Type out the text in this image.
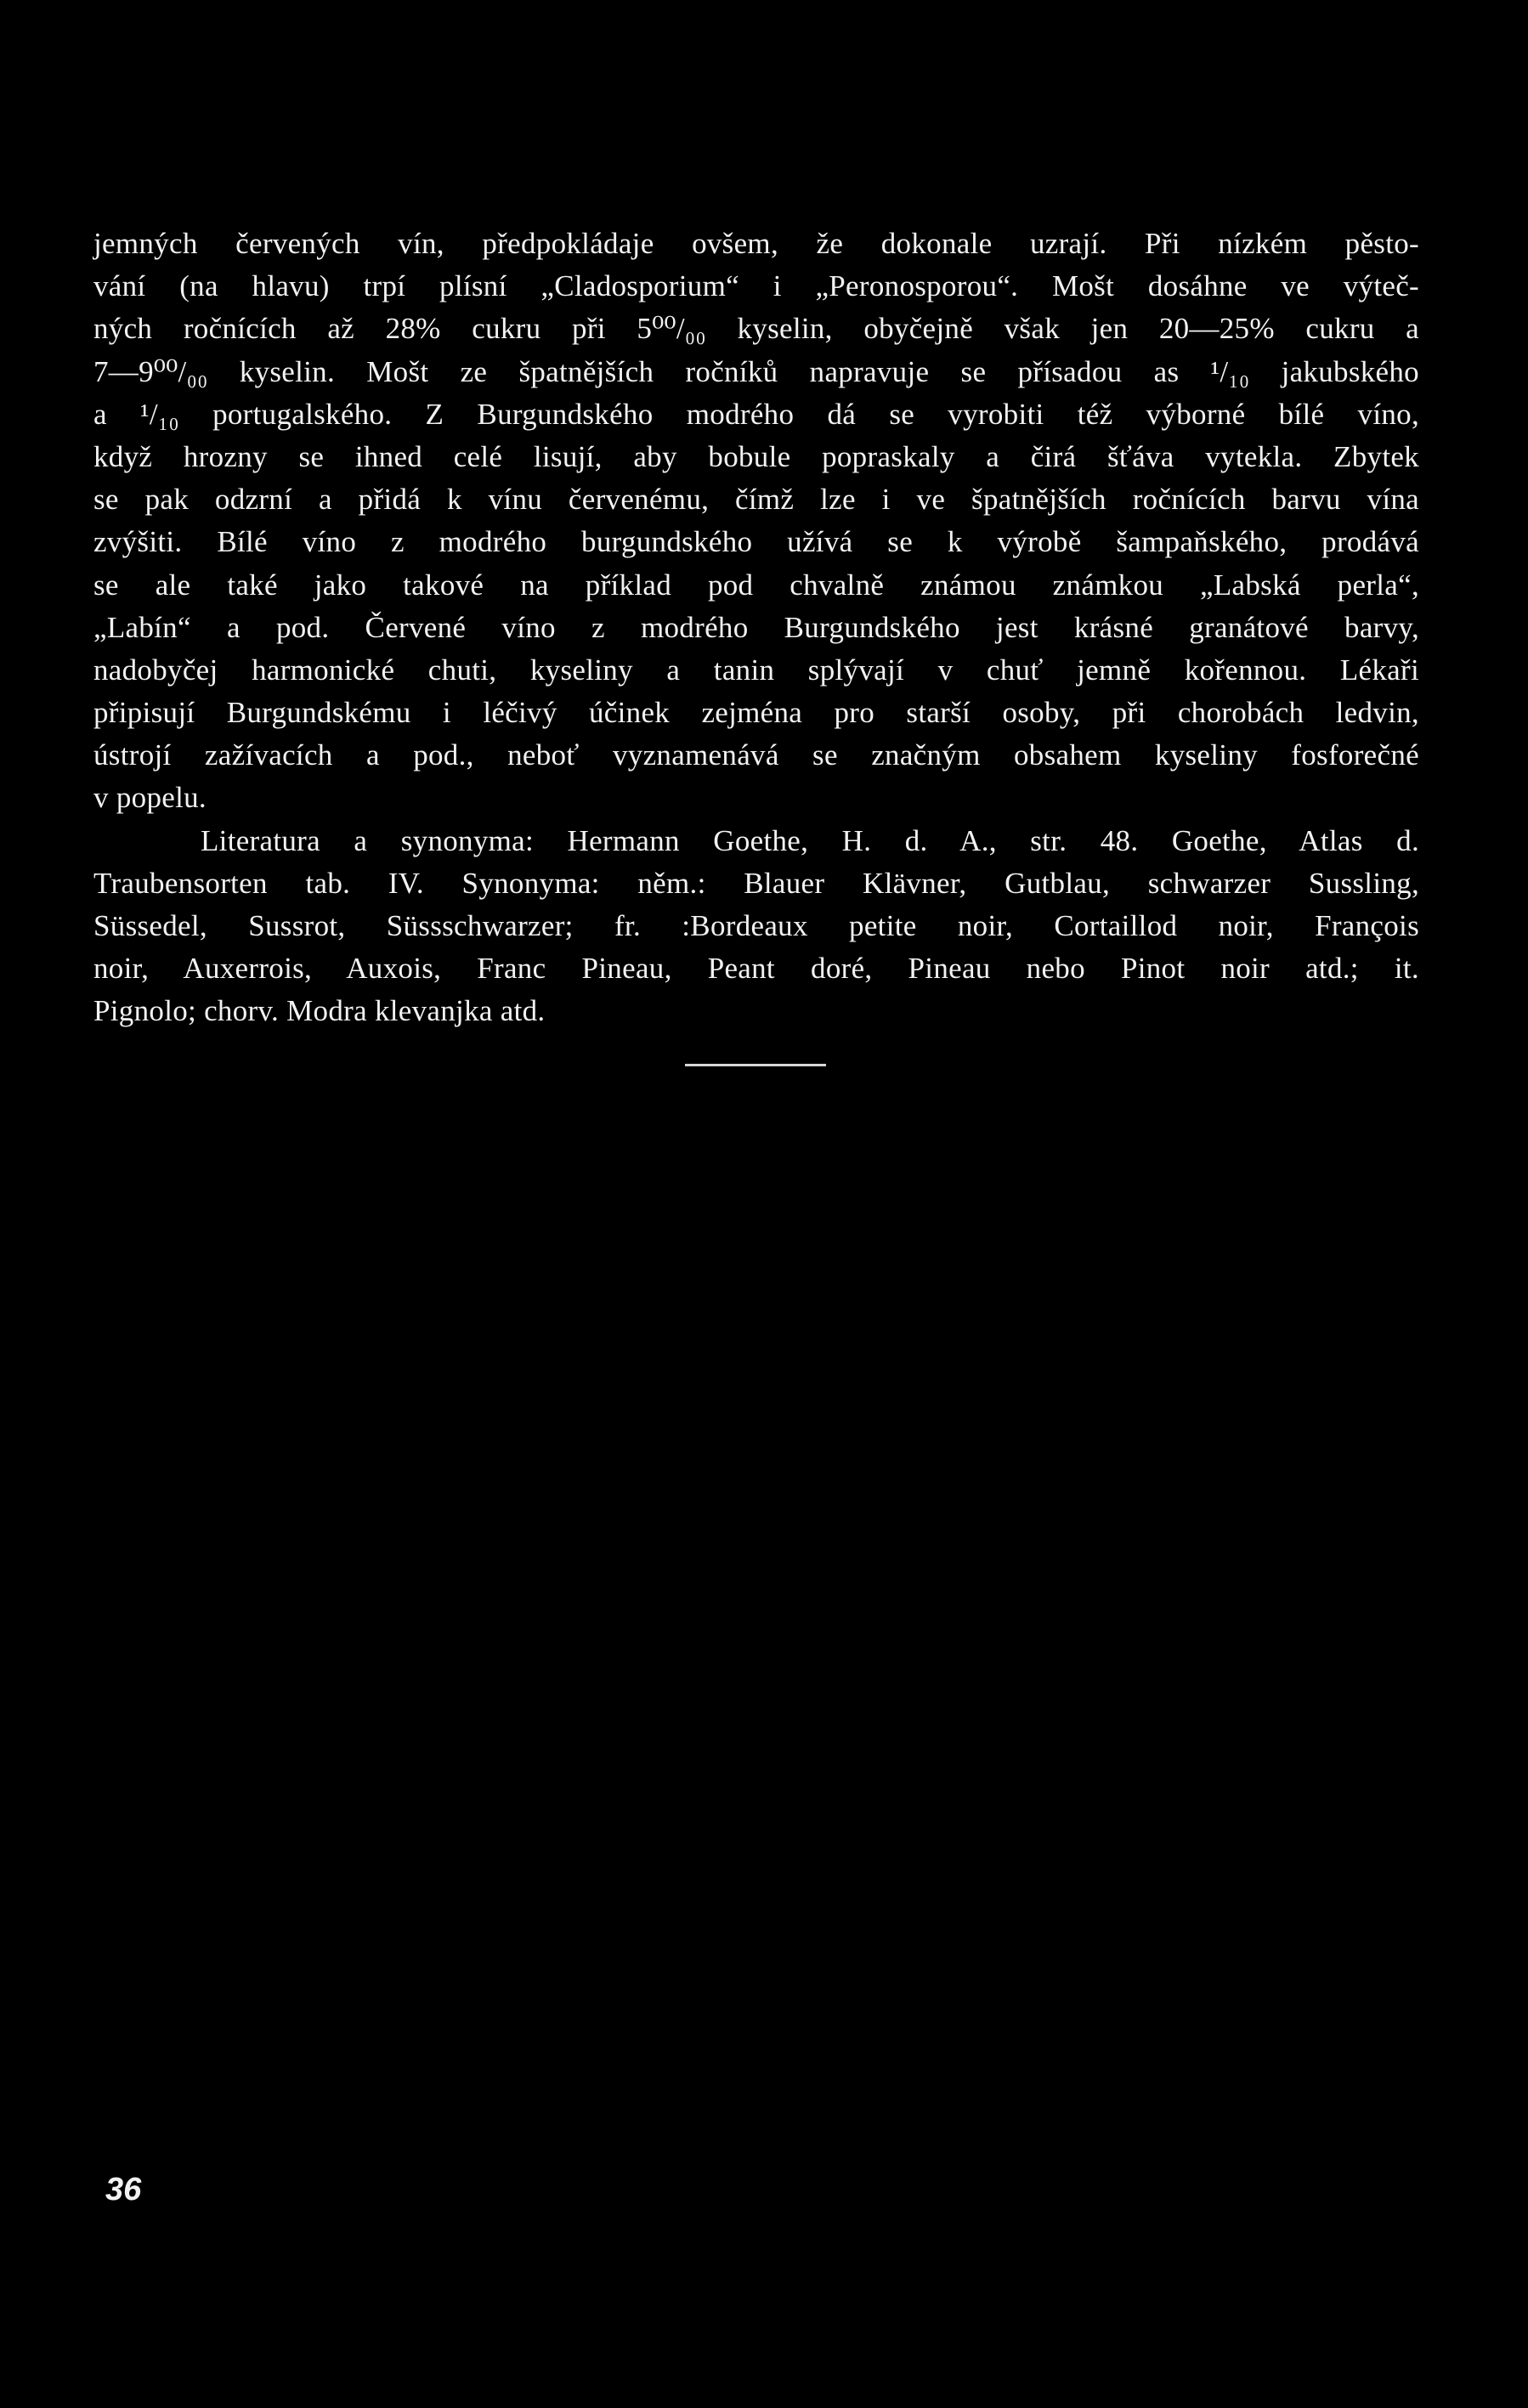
jemných červených vín, předpokládaje ovšem, že dokonale uzrají. Při nízkém pěsto-
vání (na hlavu) trpí plísní „Cladosporium“ i „Peronosporou“. Mošt dosáhne ve výteč-
ných ročnících až 28% cukru při 5⁰⁰/₀₀ kyselin, obyčejně však jen 20—25% cukru a
7—9⁰⁰/₀₀ kyselin. Mošt ze špatnějších ročníků napravuje se přísadou as ¹/₁₀ jakubského
a ¹/₁₀ portugalského. Z Burgundského modrého dá se vyrobiti též výborné bílé víno,
když hrozny se ihned celé lisují, aby bobule popraskaly a čirá šťáva vytekla. Zbytek
se pak odzrní a přidá k vínu červenému, čímž lze i ve špatnějších ročnících barvu vína
zvýšiti. Bílé víno z modrého burgundského užívá se k výrobě šampaňského, prodává
se ale také jako takové na příklad pod chvalně známou známkou „Labská perla“,
„Labín“ a pod. Červené víno z modrého Burgundského jest krásné granátové barvy,
nadobyčej harmonické chuti, kyseliny a tanin splývají v chuť jemně kořennou. Lékaři
připisují Burgundskému i léčivý účinek zejména pro starší osoby, při chorobách ledvin,
ústrojí zažívacích a pod., neboť vyznamenává se značným obsahem kyseliny fosforečné
v popelu.
Literatura a synonyma: Hermann Goethe, H. d. A., str. 48. Goethe, Atlas d.
Traubensorten tab. IV. Synonyma: něm.: Blauer Klävner, Gutblau, schwarzer Sussling,
Süssedel, Sussrot, Süssschwarzer; fr. :Bordeaux petite noir, Cortaillod noir, François
noir, Auxerrois, Auxois, Franc Pineau, Peant doré, Pineau nebo Pinot noir atd.; it.
Pignolo; chorv. Modra klevanjka atd.
36
